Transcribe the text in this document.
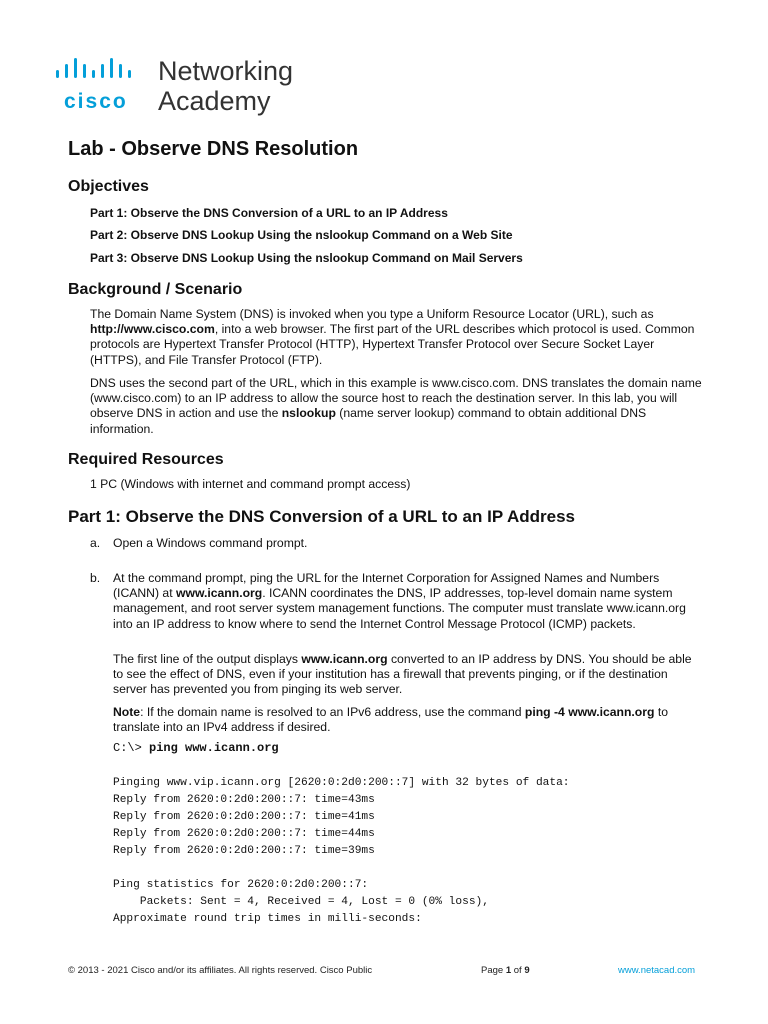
cisco
Networking
Academy
Lab - Observe DNS Resolution
Objectives
Part 1: Observe the DNS Conversion of a URL to an IP Address
Part 2: Observe DNS Lookup Using the nslookup Command on a Web Site
Part 3: Observe DNS Lookup Using the nslookup Command on Mail Servers
Background / Scenario
The Domain Name System (DNS) is invoked when you type a Uniform Resource Locator (URL), such as http://www.cisco.com, into a web browser. The first part of the URL describes which protocol is used. Common protocols are Hypertext Transfer Protocol (HTTP), Hypertext Transfer Protocol over Secure Socket Layer (HTTPS), and File Transfer Protocol (FTP).
DNS uses the second part of the URL, which in this example is www.cisco.com. DNS translates the domain name (www.cisco.com) to an IP address to allow the source host to reach the destination server. In this lab, you will observe DNS in action and use the nslookup (name server lookup) command to obtain additional DNS information.
Required Resources
1 PC (Windows with internet and command prompt access)
Part 1: Observe the DNS Conversion of a URL to an IP Address
a. Open a Windows command prompt.
b. At the command prompt, ping the URL for the Internet Corporation for Assigned Names and Numbers (ICANN) at www.icann.org. ICANN coordinates the DNS, IP addresses, top-level domain name system management, and root server system management functions. The computer must translate www.icann.org into an IP address to know where to send the Internet Control Message Protocol (ICMP) packets.
The first line of the output displays www.icann.org converted to an IP address by DNS. You should be able to see the effect of DNS, even if your institution has a firewall that prevents pinging, or if the destination server has prevented you from pinging its web server.
Note: If the domain name is resolved to an IPv6 address, use the command ping -4 www.icann.org to translate into an IPv4 address if desired.
C:\> ping www.icann.org
Pinging www.vip.icann.org [2620:0:2d0:200::7] with 32 bytes of data:
Reply from 2620:0:2d0:200::7: time=43ms
Reply from 2620:0:2d0:200::7: time=41ms
Reply from 2620:0:2d0:200::7: time=44ms
Reply from 2620:0:2d0:200::7: time=39ms
Ping statistics for 2620:0:2d0:200::7:
Packets: Sent = 4, Received = 4, Lost = 0 (0% loss),
Approximate round trip times in milli-seconds:
© 2013 - 2021 Cisco and/or its affiliates. All rights reserved. Cisco Public	Page 1 of 9	www.netacad.com
